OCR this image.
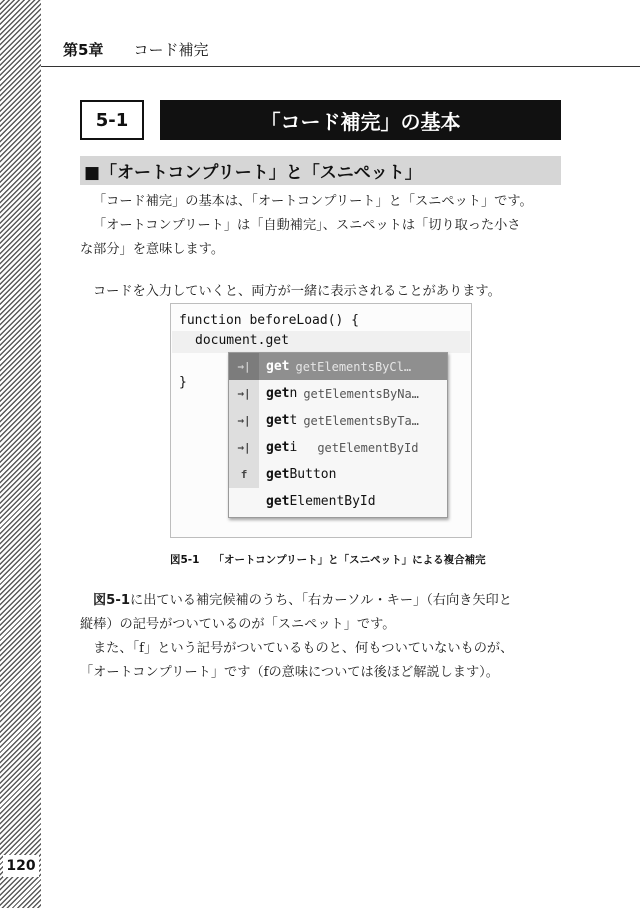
第5章 コード補完
5-1	「コード補完」の基本
■「オートコンプリート」と「スニペット」

「コード補完」の基本は、「オートコンプリート」と「スニペット」です。
「オートコンプリート」は「自動補完」、スニペットは「切り取った小さ
な部分」を意味します。

コードを入力していくと、両方が一緒に表示されることがあります。

function beforeLoad() {
document.get
}
→|	get getElementsByCl…
→|	getn getElementsByNa…
→|	gett getElementsByTa…
→|	geti getElementById
f	getButton
getElementById
図5-1 「オートコンプリート」と「スニペット」による複合補完

図5-1に出ている補完候補のうち、「右カーソル・キー」（右向き矢印と
縦棒）の記号がついているのが「スニペット」です。
また、「f」という記号がついているものと、何もついていないものが、
「オートコンプリート」です（fの意味については後ほど解説します）。

120
